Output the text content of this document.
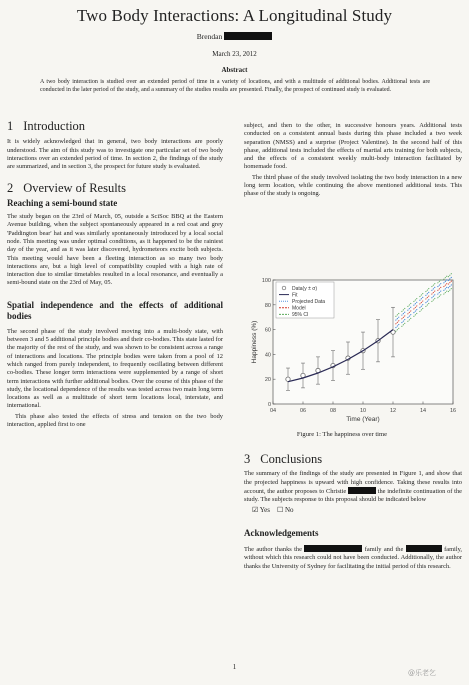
Two Body Interactions: A Longitudinal Study
Brendan
March 23, 2012
Abstract
A two body interaction is studied over an extended period of time in a variety of locations, and with a multitude of additional bodies. Additional tests are conducted in the later period of the study, and a summary of the studies results are presented. Finally, the prospect of continued study is evaluated.
1 Introduction

It is widely acknowledged that in general, two body interactions are poorly understood. The aim of this study was to investigate one particular set of two body interactions over an extended period of time. In section 2, the findings of the study are summarized, and in section 3, the prospect for future study is evaluated.

2 Overview of Results
Reaching a semi-bound state

The study began on the 23rd of March, 05, outside a SciSoc BBQ at the Eastern Avenue building, when the subject spontaneously appeared in a red coat and grey 'Paddington bear' hat and was similarly spontaneously introduced by a local social node. This meeting was under optimal conditions, as it happened to be the rainiest day of the year, and as it was later discovered, hydrometeors excite both subjects. This meeting would have been a fleeting interaction as so many two body interactions are, but a high level of compatibility coupled with a high rate of interaction due to similar timetables resulted in a local resonance, and eventually a semi-bound state on the 23rd of May, 05.

Spatial independence and the effects of additional bodies

The second phase of the study involved moving into a multi-body state, with between 3 and 5 additional principle bodies and their co-bodies. This state lasted for the majority of the rest of the study, and was shown to be consistent across a range of interactions and locations. The principle bodies were taken from a pool of 12 which ranged from purely independent, to frequently oscillating between different co-bodies. These longer term interactions were supplemented by a range of short term interactions with further additional bodies. Over the course of this phase of the study, the locational dependence of the results was tested across two main long term locations as well as a multitude of short term locations local, interstate, and international.

This phase also tested the effects of stress and tension on the two body interaction, applied first to one

subject, and then to the other, in successive honours years. Additional tests conducted on a consistent annual basis during this phase included a two week separation (NMSS) and a surprise (Project Valentine). In the second half of this phase, additional tests included the effects of martial arts training for both subjects, and the effects of a consistent weekly multi-body interaction facilitated by homemade food.

The third phase of the study involved isolating the two body interaction in a new long term location, while continuing the above mentioned additional tests. This phase of the study is ongoing.

04	06	08	10	12	14	16
0
20
40
60
80
100
Time (Year)
Happiness (%)
Data(y ± σ)
Fit
Projected Data
Model
95% CI
Figure 1: The happiness over time
3 Conclusions

The summary of the findings of the study are presented in Figure 1, and show that the projected happiness is upward with high confidence. Taking these results into account, the author proposes to Christie	the indefinite continuation of the study. The subjects response to this proposal should be indicated below

☑ Yes ☐ No
Acknowledgements

The author thanks the	family and the	family, without which this research could not have been conducted. Additionally, the author thanks the University of Sydney for facilitating the initial period of this research.

1
@乐老乞
